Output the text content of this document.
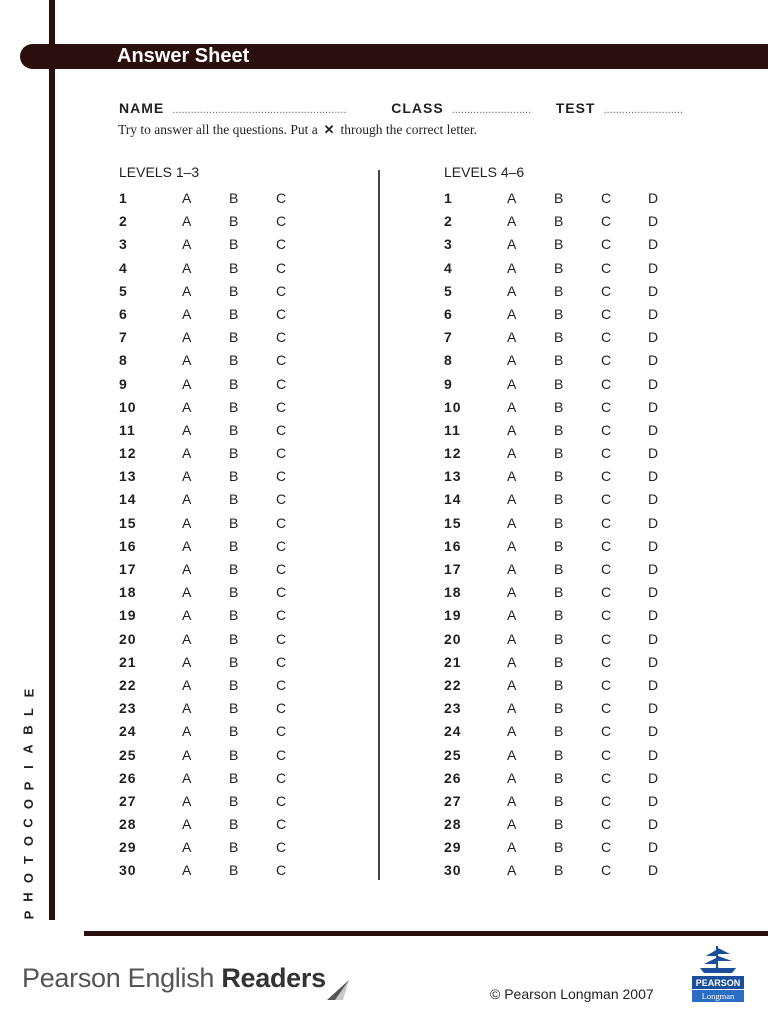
E
L
B
A
I
P
O
C
O
T
O
H
P
Answer Sheet
NAME .........................................................	CLASS ..........................	TEST ..........................
Try to answer all the questions. Put a ✕ through the correct letter.
LEVELS 1–3	LEVELS 4–6
1	A	B	C
2	A	B	C
3	A	B	C
4	A	B	C
5	A	B	C
6	A	B	C
7	A	B	C
8	A	B	C
9	A	B	C
10	A	B	C
11	A	B	C
12	A	B	C
13	A	B	C
14	A	B	C
15	A	B	C
16	A	B	C
17	A	B	C
18	A	B	C
19	A	B	C
20	A	B	C
21	A	B	C
22	A	B	C
23	A	B	C
24	A	B	C
25	A	B	C
26	A	B	C
27	A	B	C
28	A	B	C
29	A	B	C
30	A	B	C
1	A	B	C	D
2	A	B	C	D
3	A	B	C	D
4	A	B	C	D
5	A	B	C	D
6	A	B	C	D
7	A	B	C	D
8	A	B	C	D
9	A	B	C	D
10	A	B	C	D
11	A	B	C	D
12	A	B	C	D
13	A	B	C	D
14	A	B	C	D
15	A	B	C	D
16	A	B	C	D
17	A	B	C	D
18	A	B	C	D
19	A	B	C	D
20	A	B	C	D
21	A	B	C	D
22	A	B	C	D
23	A	B	C	D
24	A	B	C	D
25	A	B	C	D
26	A	B	C	D
27	A	B	C	D
28	A	B	C	D
29	A	B	C	D
30	A	B	C	D
Pearson English Readers
© Pearson Longman 2007
PEARSON
Longman
